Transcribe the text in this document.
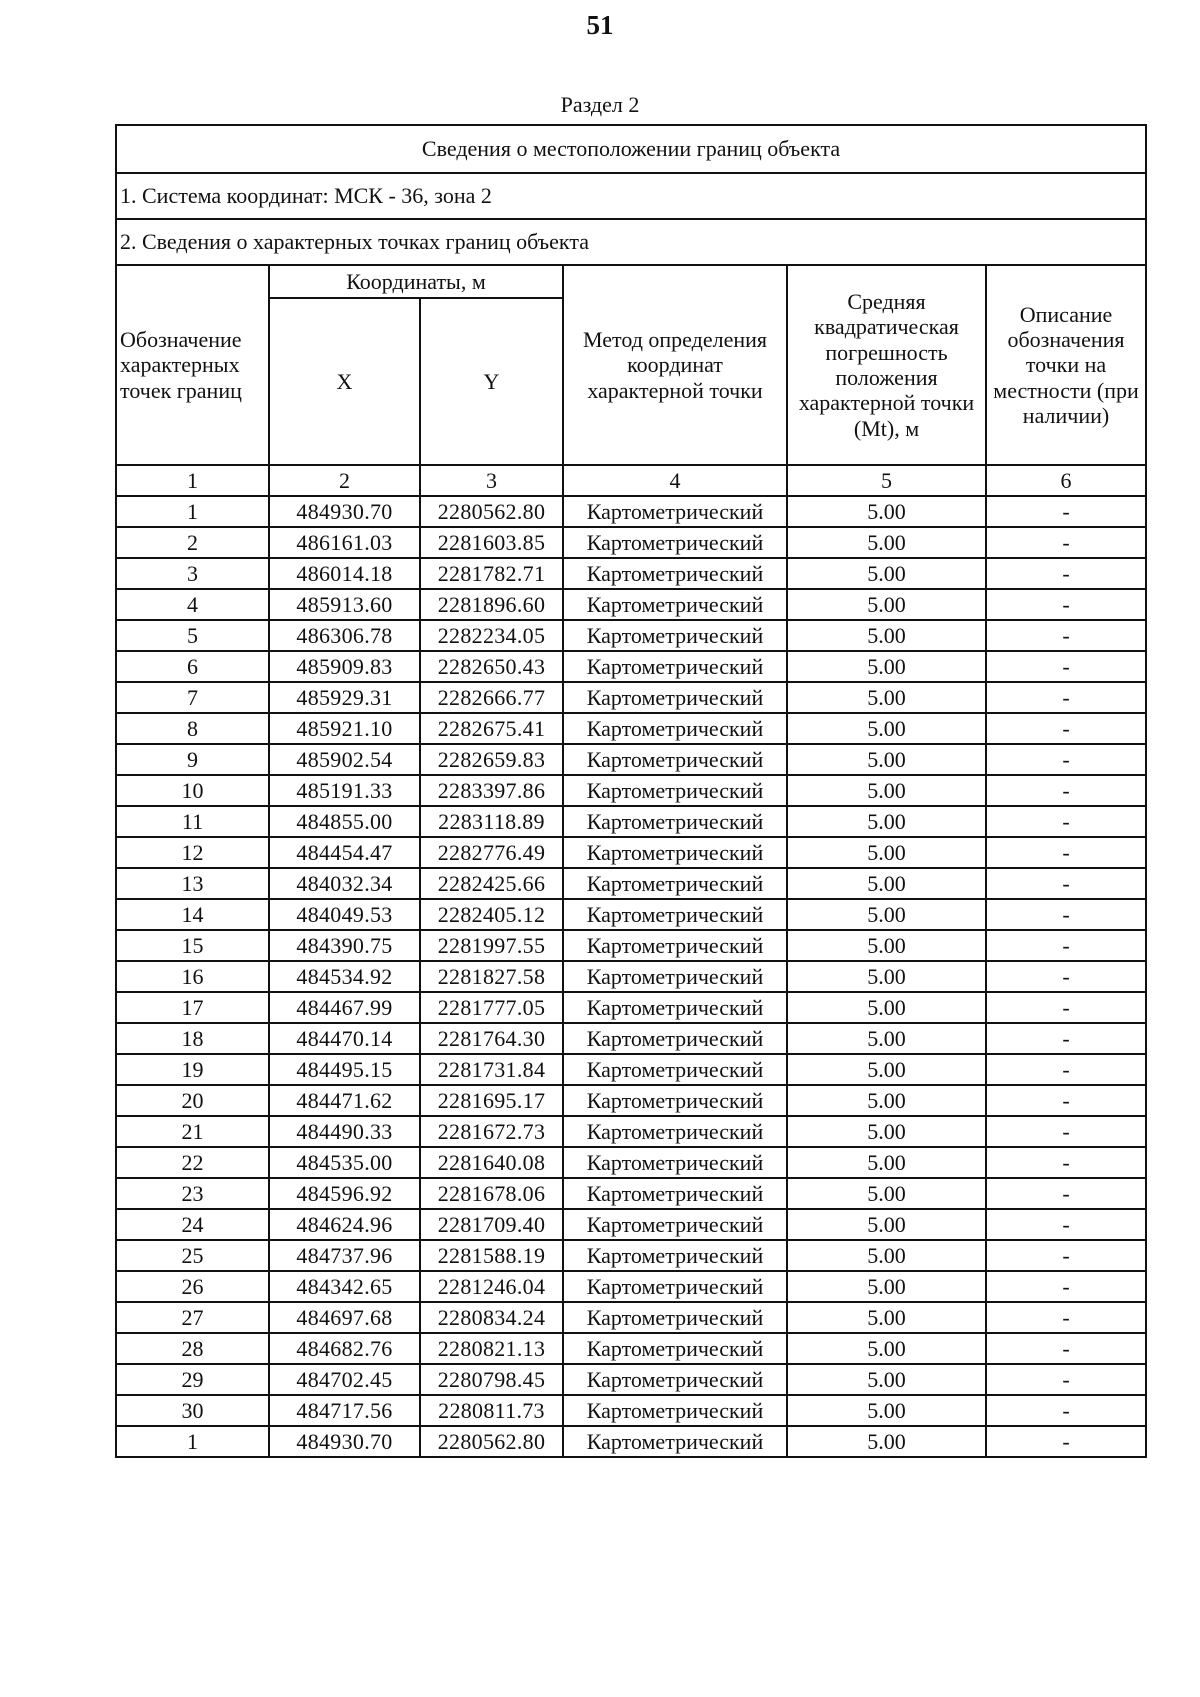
51
Раздел 2
Сведения о местоположении границ объекта					
1. Система координат: МСК - 36, зона 2					
2. Сведения о характерных точках границ объекта					
Обозначение характерных точек границ	Координаты, м		Метод определения координат характерной точки	Средняя квадратическая погрешность положения характерной точки (Mt), м	Описание обозначения точки на местности (при наличии)
	X	Y			
1	2	3	4	5	6
1	484930.70	2280562.80	Картометрический	5.00	-
2	486161.03	2281603.85	Картометрический	5.00	-
3	486014.18	2281782.71	Картометрический	5.00	-
4	485913.60	2281896.60	Картометрический	5.00	-
5	486306.78	2282234.05	Картометрический	5.00	-
6	485909.83	2282650.43	Картометрический	5.00	-
7	485929.31	2282666.77	Картометрический	5.00	-
8	485921.10	2282675.41	Картометрический	5.00	-
9	485902.54	2282659.83	Картометрический	5.00	-
10	485191.33	2283397.86	Картометрический	5.00	-
11	484855.00	2283118.89	Картометрический	5.00	-
12	484454.47	2282776.49	Картометрический	5.00	-
13	484032.34	2282425.66	Картометрический	5.00	-
14	484049.53	2282405.12	Картометрический	5.00	-
15	484390.75	2281997.55	Картометрический	5.00	-
16	484534.92	2281827.58	Картометрический	5.00	-
17	484467.99	2281777.05	Картометрический	5.00	-
18	484470.14	2281764.30	Картометрический	5.00	-
19	484495.15	2281731.84	Картометрический	5.00	-
20	484471.62	2281695.17	Картометрический	5.00	-
21	484490.33	2281672.73	Картометрический	5.00	-
22	484535.00	2281640.08	Картометрический	5.00	-
23	484596.92	2281678.06	Картометрический	5.00	-
24	484624.96	2281709.40	Картометрический	5.00	-
25	484737.96	2281588.19	Картометрический	5.00	-
26	484342.65	2281246.04	Картометрический	5.00	-
27	484697.68	2280834.24	Картометрический	5.00	-
28	484682.76	2280821.13	Картометрический	5.00	-
29	484702.45	2280798.45	Картометрический	5.00	-
30	484717.56	2280811.73	Картометрический	5.00	-
1	484930.70	2280562.80	Картометрический	5.00	-
